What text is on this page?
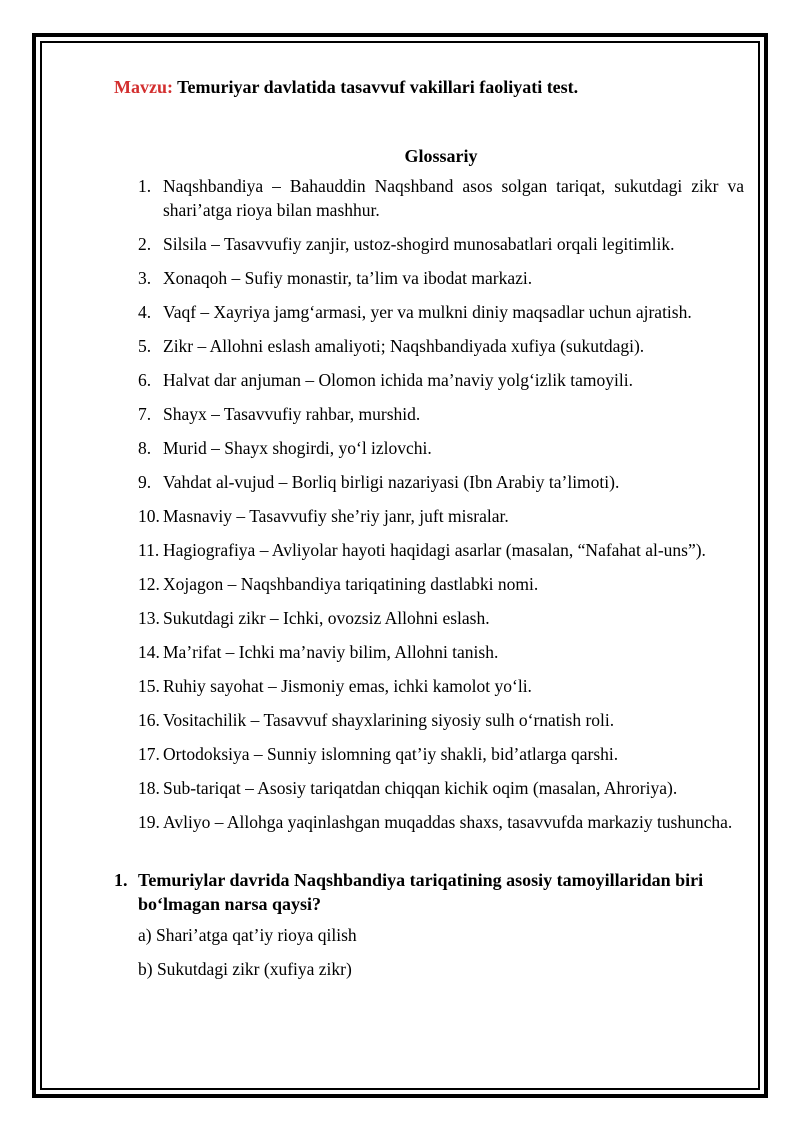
Mavzu: Temuriyar davlatida tasavvuf vakillari faoliyati test.

Glossariy
1. Naqshbandiya – Bahauddin Naqshband asos solgan tariqat, sukutdagi zikr va shari’atga rioya bilan mashhur.
2. Silsila – Tasavvufiy zanjir, ustoz-shogird munosabatlari orqali legitimlik.
3. Xonaqoh – Sufiy monastir, ta’lim va ibodat markazi.
4. Vaqf – Xayriya jamg‘armasi, yer va mulkni diniy maqsadlar uchun ajratish.
5. Zikr – Allohni eslash amaliyoti; Naqshbandiyada xufiya (sukutdagi).
6. Halvat dar anjuman – Olomon ichida ma’naviy yolg‘izlik tamoyili.
7. Shayx – Tasavvufiy rahbar, murshid.
8. Murid – Shayx shogirdi, yo‘l izlovchi.
9. Vahdat al-vujud – Borliq birligi nazariyasi (Ibn Arabiy ta’limoti).
10. Masnaviy – Tasavvufiy she’riy janr, juft misralar.
11. Hagiografiya – Avliyolar hayoti haqidagi asarlar (masalan, “Nafahat al-uns”).
12. Xojagon – Naqshbandiya tariqatining dastlabki nomi.
13. Sukutdagi zikr – Ichki, ovozsiz Allohni eslash.
14. Ma’rifat – Ichki ma’naviy bilim, Allohni tanish.
15. Ruhiy sayohat – Jismoniy emas, ichki kamolot yo‘li.
16. Vositachilik – Tasavvuf shayxlarining siyosiy sulh o‘rnatish roli.
17. Ortodoksiya – Sunniy islomning qat’iy shakli, bid’atlarga qarshi.
18. Sub-tariqat – Asosiy tariqatdan chiqqan kichik oqim (masalan, Ahroriya).
19. Avliyo – Allohga yaqinlashgan muqaddas shaxs, tasavvufda markaziy tushuncha.
1. Temuriylar davrida Naqshbandiya tariqatining asosiy tamoyillaridan biri bo‘lmagan narsa qaysi?
a) Shari’atga qat’iy rioya qilish
b) Sukutdagi zikr (xufiya zikr)
